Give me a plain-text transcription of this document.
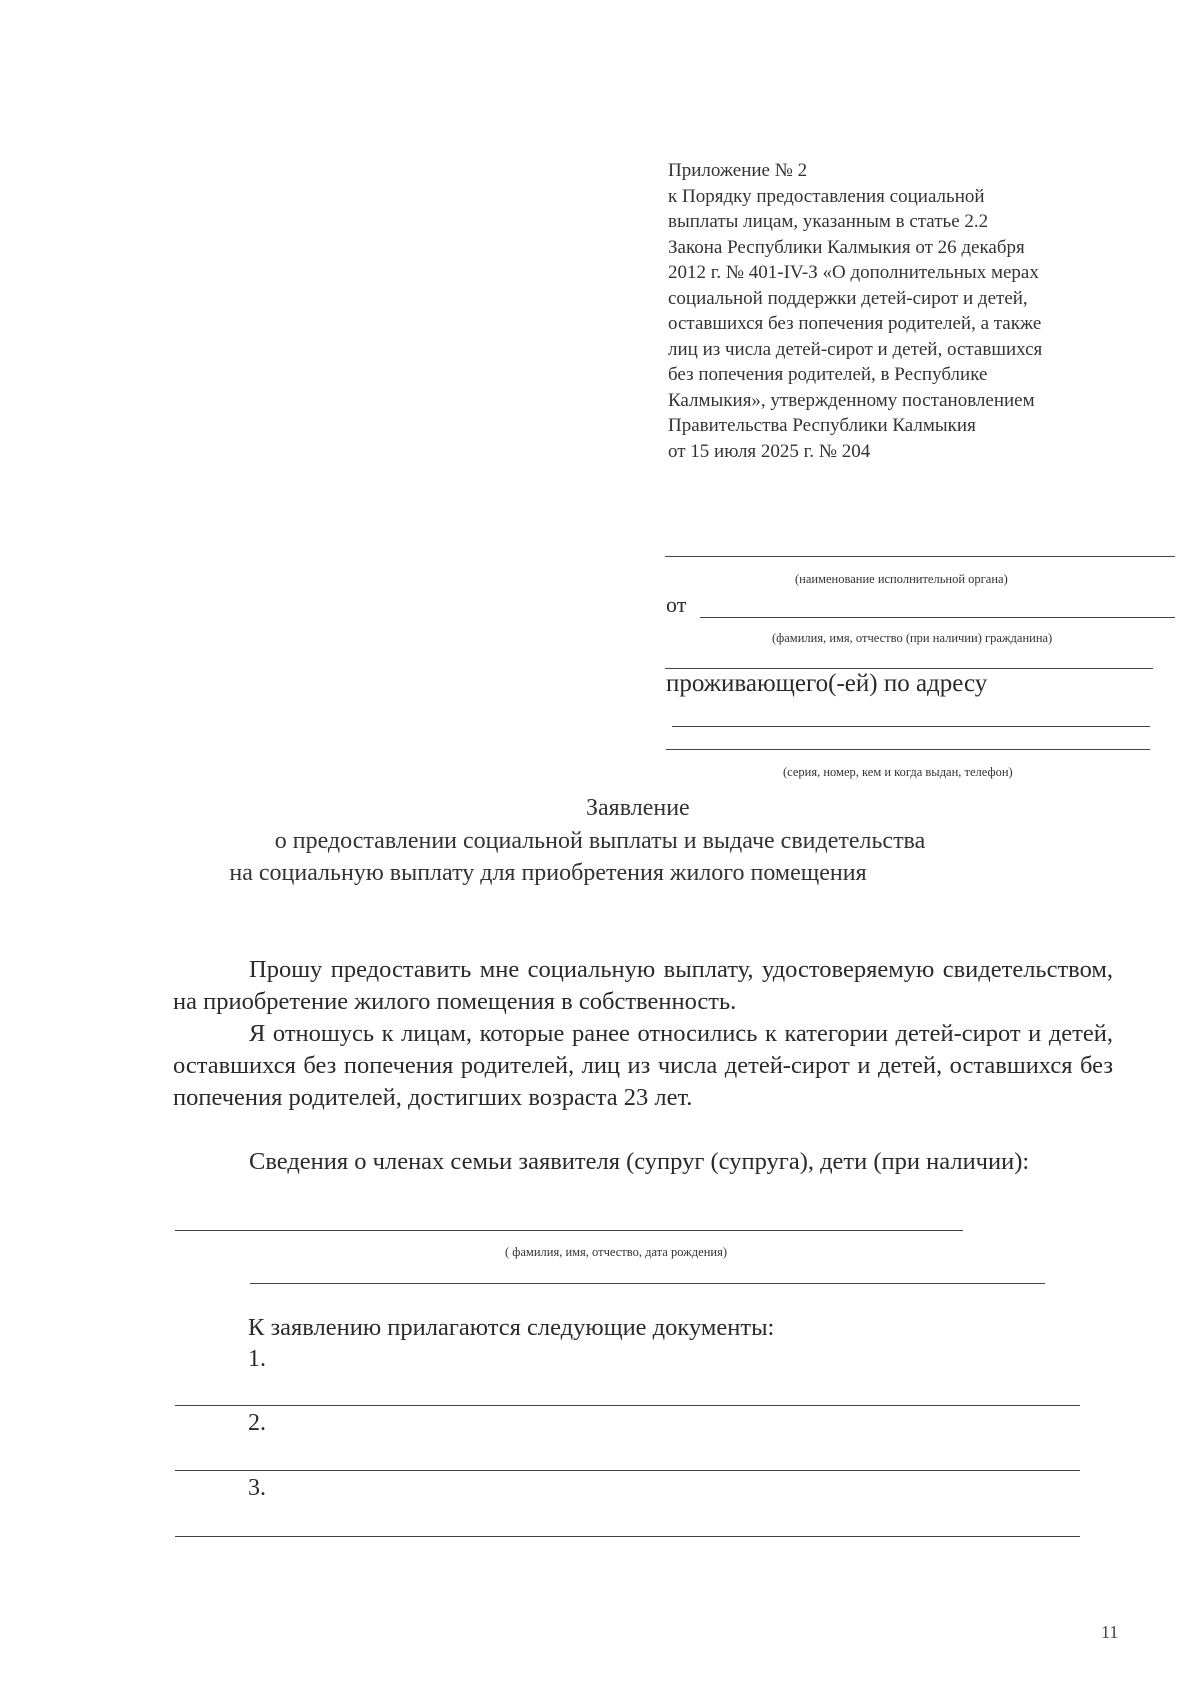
Приложение № 2
к Порядку предоставления социальной
выплаты лицам, указанным в статье 2.2
Закона Республики Калмыкия от 26 декабря
2012 г. № 401-IV-З «О дополнительных мерах
социальной поддержки детей-сирот и детей,
оставшихся без попечения родителей, а также
лиц из числа детей-сирот и детей, оставшихся
без попечения родителей, в Республике
Калмыкия», утвержденному постановлением
Правительства Республики Калмыкия
от 15 июля 2025 г. № 204
(наименование исполнительной органа)
от
(фамилия, имя, отчество (при наличии) гражданина)
проживающего(-ей) по адресу
(серия, номер, кем и когда выдан, телефон)
Заявление
о предоставлении социальной выплаты и выдаче свидетельства
на социальную выплату для приобретения жилого помещения
Прошу предоставить мне социальную выплату, удостоверяемую свидетельством, на приобретение жилого помещения в собственность.
Я отношусь к лицам, которые ранее относились к категории детей-сирот и детей, оставшихся без попечения родителей, лиц из числа детей-сирот и детей, оставшихся без попечения родителей, достигших возраста 23 лет.
Сведения о членах семьи заявителя (супруг (супруга), дети (при наличии):
( фамилия, имя, отчество, дата рождения)
К заявлению прилагаются следующие документы:
1.
2.
3.
11
